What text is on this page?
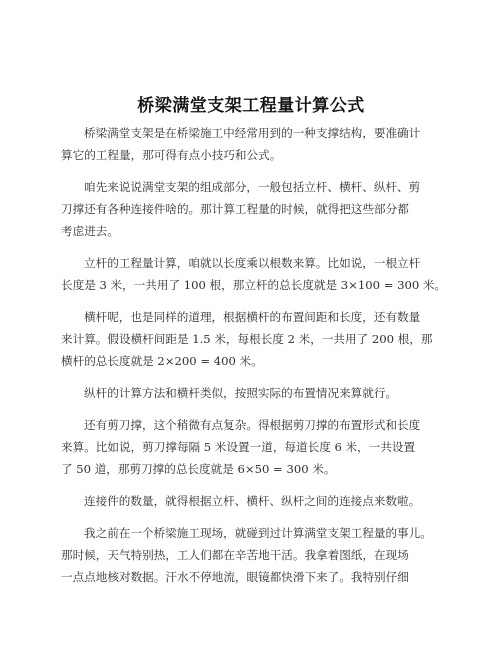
桥梁满堂支架工程量计算公式
桥梁满堂支架是在桥梁施工中经常用到的一种支撑结构，要准确计
算它的工程量，那可得有点小技巧和公式。
咱先来说说满堂支架的组成部分，一般包括立杆、横杆、纵杆、剪
刀撑还有各种连接件啥的。那计算工程量的时候，就得把这些部分都
考虑进去。
立杆的工程量计算，咱就以长度乘以根数来算。比如说，一根立杆
长度是 3 米，一共用了 100 根，那立杆的总长度就是 3×100 = 300 米。
横杆呢，也是同样的道理，根据横杆的布置间距和长度，还有数量
来计算。假设横杆间距是 1.5 米，每根长度 2 米，一共用了 200 根，那
横杆的总长度就是 2×200 = 400 米。
纵杆的计算方法和横杆类似，按照实际的布置情况来算就行。
还有剪刀撑，这个稍微有点复杂。得根据剪刀撑的布置形式和长度
来算。比如说，剪刀撑每隔 5 米设置一道，每道长度 6 米，一共设置
了 50 道，那剪刀撑的总长度就是 6×50 = 300 米。
连接件的数量，就得根据立杆、横杆、纵杆之间的连接点来数啦。
我之前在一个桥梁施工现场，就碰到过计算满堂支架工程量的事儿。
那时候，天气特别热，工人们都在辛苦地干活。我拿着图纸，在现场
一点点地核对数据。汗水不停地流，眼镜都快滑下来了。我特别仔细
